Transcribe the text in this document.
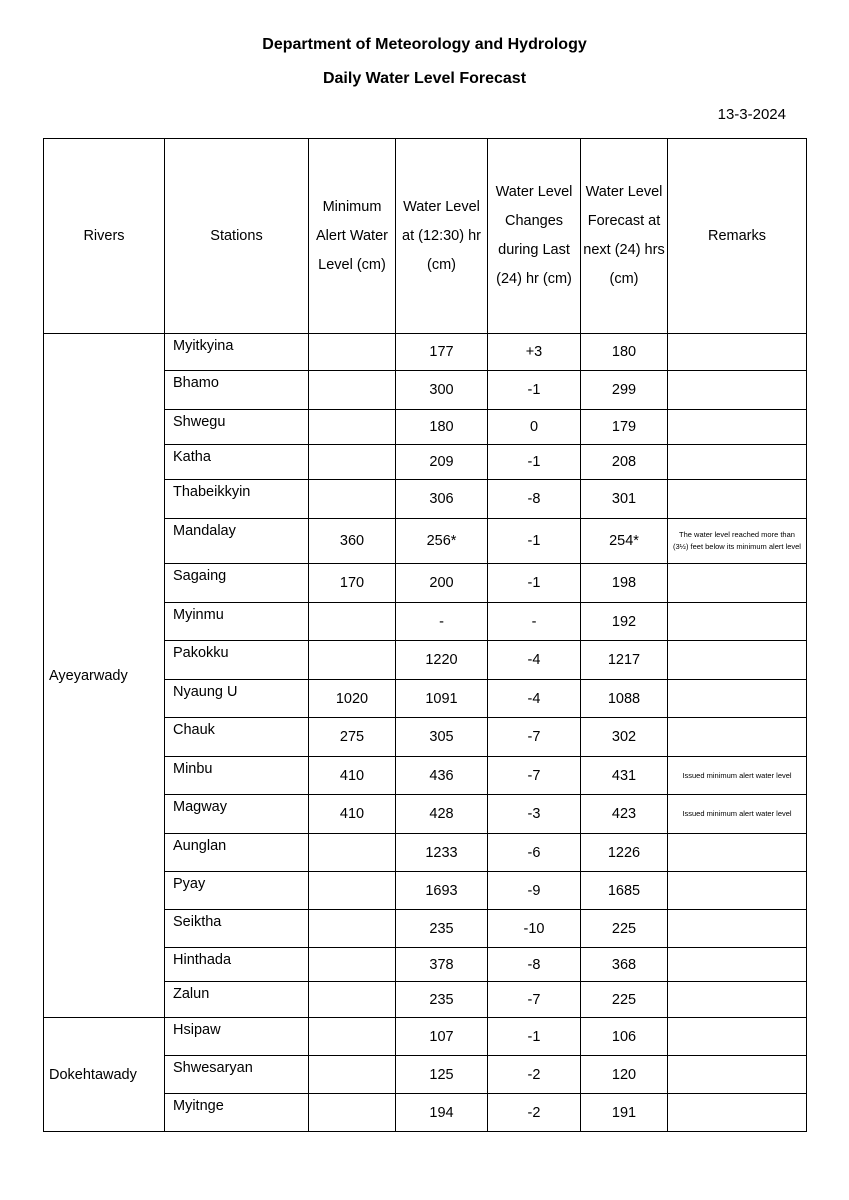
Department of Meteorology and Hydrology
Daily Water Level Forecast
13-3-2024
Rivers	Stations	Minimum Alert Water Level (cm)	Water Level at (12:30) hr (cm)	Water Level Changes during Last (24) hr (cm)	Water Level Forecast at next (24) hrs (cm)	Remarks
Ayeyarwady	Myitkyina		177	+3	180	
	Bhamo		300	-1	299	
	Shwegu		180	0	179	
	Katha		209	-1	208	
	Thabeikkyin		306	-8	301	
	Mandalay	360	256*	-1	254*	The water level reached more than (3½) feet below its minimum alert level
	Sagaing	170	200	-1	198	
	Myinmu		-	-	192	
	Pakokku		1220	-4	1217	
	Nyaung U	1020	1091	-4	1088	
	Chauk	275	305	-7	302	
	Minbu	410	436	-7	431	Issued minimum alert water level
	Magway	410	428	-3	423	Issued minimum alert water level
	Aunglan		1233	-6	1226	
	Pyay		1693	-9	1685	
	Seiktha		235	-10	225	
	Hinthada		378	-8	368	
	Zalun		235	-7	225	
Dokehtawady	Hsipaw		107	-1	106	
	Shwesaryan		125	-2	120	
	Myitnge		194	-2	191	
